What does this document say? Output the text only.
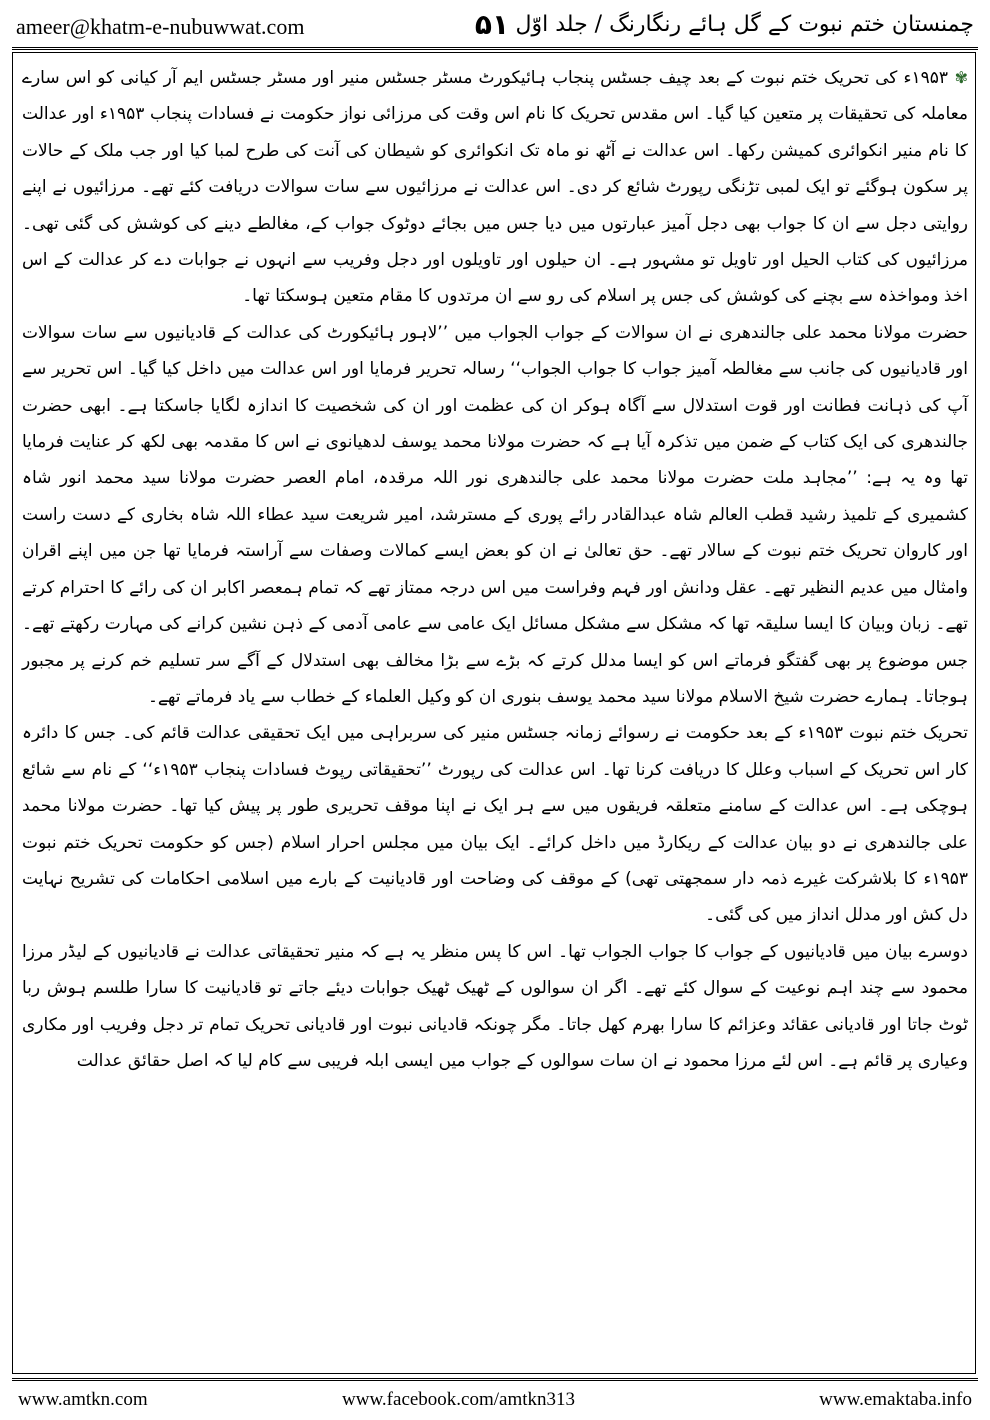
ameer@khatm-e-nubuwwat.com	۵۱ چمنستان ختم نبوت کے گل ہائے رنگارنگ / جلد اوّل

✾۱۹۵۳ء کی تحریک ختم نبوت کے بعد چیف جسٹس پنجاب ہائیکورٹ مسٹر جسٹس منیر اور مسٹر جسٹس ایم آر کیانی کو اس سارے معاملہ کی تحقیقات پر متعین کیا گیا۔ اس مقدس تحریک کا نام اس وقت کی مرزائی نواز حکومت نے فسادات پنجاب ۱۹۵۳ء اور عدالت کا نام منیر انکوائری کمیشن رکھا۔ اس عدالت نے آٹھ نو ماہ تک انکوائری کو شیطان کی آنت کی طرح لمبا کیا اور جب ملک کے حالات پر سکون ہوگئے تو ایک لمبی تڑنگی رپورٹ شائع کر دی۔ اس عدالت نے مرزائیوں سے سات سوالات دریافت کئے تھے۔ مرزائیوں نے اپنے روایتی دجل سے ان کا جواب بھی دجل آمیز عبارتوں میں دیا جس میں بجائے دوٹوک جواب کے، مغالطے دینے کی کوشش کی گئی تھی۔ مرزائیوں کی کتاب الحیل اور تاویل تو مشہور ہے۔ ان حیلوں اور تاویلوں اور دجل وفریب سے انہوں نے جوابات دے کر عدالت کے اس اخذ ومواخذہ سے بچنے کی کوشش کی جس پر اسلام کی رو سے ان مرتدوں کا مقام متعین ہوسکتا تھا۔

حضرت مولانا محمد علی جالندھری نے ان سوالات کے جواب الجواب میں ’’لاہور ہائیکورٹ کی عدالت کے قادیانیوں سے سات سوالات اور قادیانیوں کی جانب سے مغالطہ آمیز جواب کا جواب الجواب‘‘ رسالہ تحریر فرمایا اور اس عدالت میں داخل کیا گیا۔ اس تحریر سے آپ کی ذہانت فطانت اور قوت استدلال سے آگاہ ہوکر ان کی عظمت اور ان کی شخصیت کا اندازہ لگایا جاسکتا ہے۔ ابھی حضرت جالندھری کی ایک کتاب کے ضمن میں تذکرہ آیا ہے کہ حضرت مولانا محمد یوسف لدھیانوی نے اس کا مقدمہ بھی لکھ کر عنایت فرمایا تھا وہ یہ ہے: ’’مجاہد ملت حضرت مولانا محمد علی جالندھری نور اللہ مرقدہ، امام العصر حضرت مولانا سید محمد انور شاہ کشمیری کے تلمیذ رشید قطب العالم شاہ عبدالقادر رائے پوری کے مسترشد، امیر شریعت سید عطاء اللہ شاہ بخاری کے دست راست اور کاروان تحریک ختم نبوت کے سالار تھے۔ حق تعالیٰ نے ان کو بعض ایسے کمالات وصفات سے آراستہ فرمایا تھا جن میں اپنے اقران وامثال میں عدیم النظیر تھے۔ عقل ودانش اور فہم وفراست میں اس درجہ ممتاز تھے کہ تمام ہمعصر اکابر ان کی رائے کا احترام کرتے تھے۔ زبان وبیان کا ایسا سلیقہ تھا کہ مشکل سے مشکل مسائل ایک عامی سے عامی آدمی کے ذہن نشین کرانے کی مہارت رکھتے تھے۔ جس موضوع پر بھی گفتگو فرماتے اس کو ایسا مدلل کرتے کہ بڑے سے بڑا مخالف بھی استدلال کے آگے سر تسلیم خم کرنے پر مجبور ہوجاتا۔ ہمارے حضرت شیخ الاسلام مولانا سید محمد یوسف بنوری ان کو وکیل العلماء کے خطاب سے یاد فرماتے تھے۔

تحریک ختم نبوت ۱۹۵۳ء کے بعد حکومت نے رسوائے زمانہ جسٹس منیر کی سربراہی میں ایک تحقیقی عدالت قائم کی۔ جس کا دائرہ کار اس تحریک کے اسباب وعلل کا دریافت کرنا تھا۔ اس عدالت کی رپورٹ ’’تحقیقاتی رپوٹ فسادات پنجاب ۱۹۵۳ء‘‘ کے نام سے شائع ہوچکی ہے۔ اس عدالت کے سامنے متعلقہ فریقوں میں سے ہر ایک نے اپنا موقف تحریری طور پر پیش کیا تھا۔ حضرت مولانا محمد علی جالندھری نے دو بیان عدالت کے ریکارڈ میں داخل کرائے۔ ایک بیان میں مجلس احرار اسلام (جس کو حکومت تحریک ختم نبوت ۱۹۵۳ء کا بلاشرکت غیرے ذمہ دار سمجھتی تھی) کے موقف کی وضاحت اور قادیانیت کے بارے میں اسلامی احکامات کی تشریح نہایت دل کش اور مدلل انداز میں کی گئی۔

دوسرے بیان میں قادیانیوں کے جواب کا جواب الجواب تھا۔ اس کا پس منظر یہ ہے کہ منیر تحقیقاتی عدالت نے قادیانیوں کے لیڈر مرزا محمود سے چند اہم نوعیت کے سوال کئے تھے۔ اگر ان سوالوں کے ٹھیک ٹھیک جوابات دیئے جاتے تو قادیانیت کا سارا طلسم ہوش ربا ٹوٹ جاتا اور قادیانی عقائد وعزائم کا سارا بھرم کھل جاتا۔ مگر چونکہ قادیانی نبوت اور قادیانی تحریک تمام تر دجل وفریب اور مکاری وعیاری پر قائم ہے۔ اس لئے مرزا محمود نے ان سات سوالوں کے جواب میں ایسی ابلہ فریبی سے کام لیا کہ اصل حقائق عدالت

www.amtkn.com	www.facebook.com/amtkn313	www.emaktaba.info
